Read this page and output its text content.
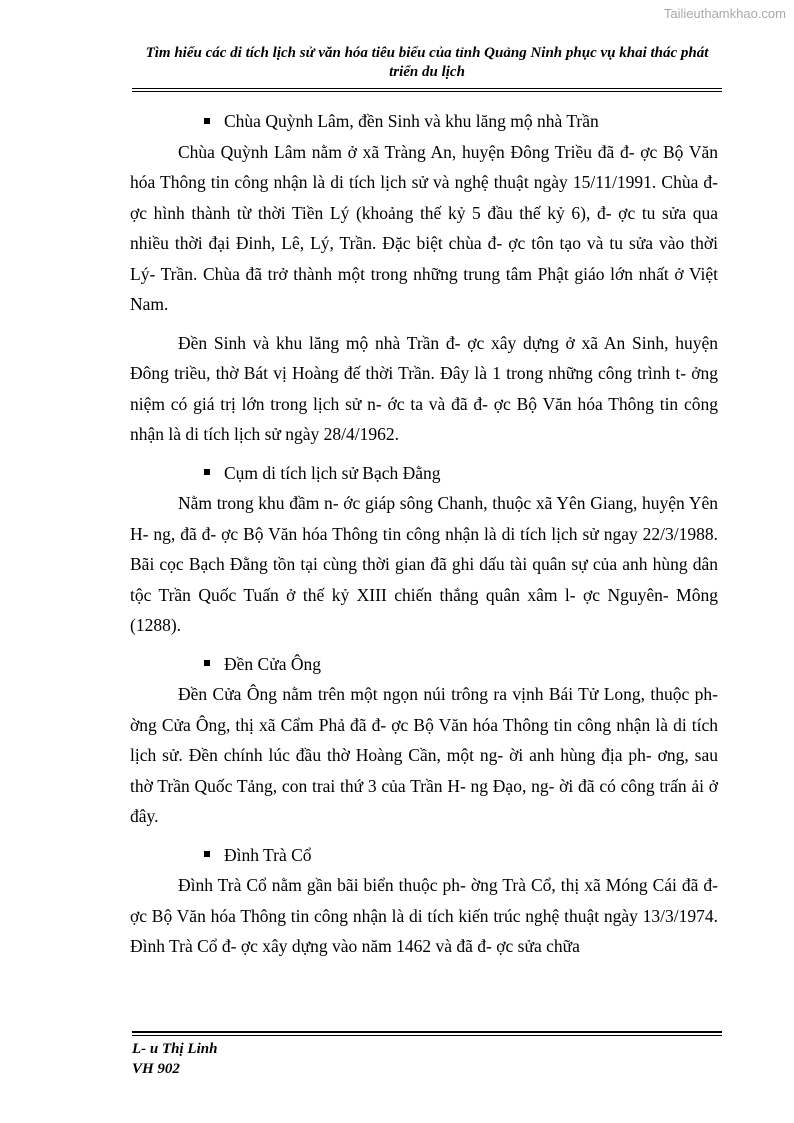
Tailieuthamkhao.com
Tìm hiểu các di tích lịch sử văn hóa tiêu biểu của tỉnh Quảng Ninh phục vụ khai thác phát triển du lịch
Chùa Quỳnh Lâm, đền Sinh và khu lăng mộ nhà Trần

Chùa Quỳnh Lâm nằm ở xã Tràng An, huyện Đông Triều đã đ- ợc Bộ Văn hóa Thông tin công nhận là di tích lịch sử và nghệ thuật ngày 15/11/1991. Chùa đ- ợc hình thành từ thời Tiền Lý (khoảng thế kỷ 5 đầu thế kỷ 6), đ- ợc tu sửa qua nhiều thời đại Đinh, Lê, Lý, Trần. Đặc biệt chùa đ- ợc tôn tạo và tu sửa vào thời Lý- Trần. Chùa đã trở thành một trong những trung tâm Phật giáo lớn nhất ở Việt Nam.

Đền Sinh và khu lăng mộ nhà Trần đ- ợc xây dựng ở xã An Sinh, huyện Đông triều, thờ Bát vị Hoàng đế thời Trần. Đây là 1 trong những công trình t- ởng niệm có giá trị lớn trong lịch sử n- ớc ta và đã đ- ợc Bộ Văn hóa Thông tin công nhận là di tích lịch sử ngày 28/4/1962.

Cụm di tích lịch sử Bạch Đằng

Nằm trong khu đầm n- ớc giáp sông Chanh, thuộc xã Yên Giang, huyện Yên H- ng, đã đ- ợc Bộ Văn hóa Thông tin công nhận là di tích lịch sử ngay 22/3/1988. Bãi cọc Bạch Đằng tồn tại cùng thời gian đã ghi dấu tài quân sự của anh hùng dân tộc Trần Quốc Tuấn ở thế kỷ XIII chiến thắng quân xâm l- ợc Nguyên- Mông (1288).

Đền Cửa Ông

Đền Cửa Ông nằm trên một ngọn núi trông ra vịnh Bái Tử Long, thuộc ph- ờng Cửa Ông, thị xã Cẩm Phả đã đ- ợc Bộ Văn hóa Thông tin công nhận là di tích lịch sử. Đền chính lúc đầu thờ Hoàng Cần, một ng- ời anh hùng địa ph- ơng, sau thờ Trần Quốc Tảng, con trai thứ 3 của Trần H- ng Đạo, ng- ời đã có công trấn ải ở đây.

Đình Trà Cổ

Đình Trà Cổ nằm gần bãi biển thuộc ph- ờng Trà Cổ, thị xã Móng Cái đã đ- ợc Bộ Văn hóa Thông tin công nhận là di tích kiến trúc nghệ thuật ngày 13/3/1974. Đình Trà Cổ đ- ợc xây dựng vào năm 1462 và đã đ- ợc sửa chữa

L- u Thị Linh
VH 902
